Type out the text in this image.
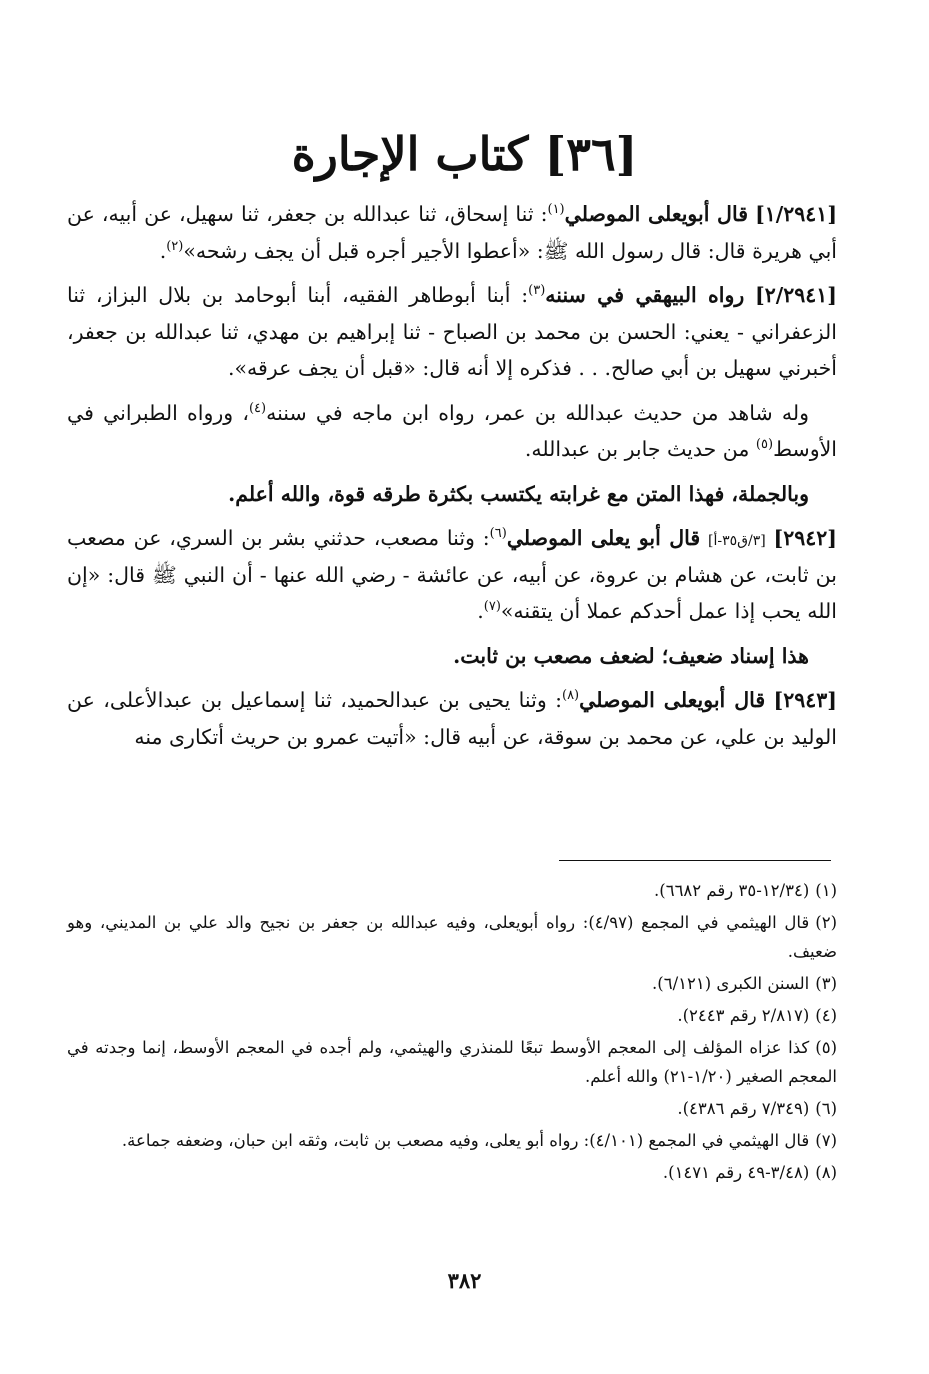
[٣٦] كتاب الإجارة

[١/٢٩٤١] قال أبويعلى الموصلي$^{(١)}$: ثنا إسحاق، ثنا عبدالله بن جعفر، ثنا سهيل، عن أبيه، عن أبي هريرة قال: قال رسول الله ﷺ: «أعطوا الأجير أجره قبل أن يجف رشحه»$^{(٢)}$.

[٢/٢٩٤١] رواه البيهقي في سننه$^{(٣)}$: أبنا أبوطاهر الفقيه، أبنا أبوحامد بن بلال البزاز، ثنا الزعفراني - يعني: الحسن بن محمد بن الصباح - ثنا إبراهيم بن مهدي، ثنا عبدالله بن جعفر، أخبرني سهيل بن أبي صالح. . . فذكره إلا أنه قال: «قبل أن يجف عرقه».

وله شاهد من حديث عبدالله بن عمر، رواه ابن ماجه في سننه$^{(٤)}$، ورواه الطبراني في الأوسط$^{(٥)}$ من حديث جابر بن عبدالله.

وبالجملة، فهذا المتن مع غرابته يكتسب بكثرة طرقه قوة، والله أعلم.

[٢٩٤٢] [٣/ق٣٥-أ] قال أبو يعلى الموصلي$^{(٦)}$: وثنا مصعب، حدثني بشر بن السري، عن مصعب بن ثابت، عن هشام بن عروة، عن أبيه، عن عائشة - رضي الله عنها - أن النبي ﷺ قال: «إن الله يحب إذا عمل أحدكم عملا أن يتقنه»$^{(٧)}$.

هذا إسناد ضعيف؛ لضعف مصعب بن ثابت.

[٢٩٤٣] قال أبويعلى الموصلي$^{(٨)}$: وثنا يحيى بن عبدالحميد، ثنا إسماعيل بن عبدالأعلى، عن الوليد بن علي، عن محمد بن سوقة، عن أبيه قال: «أتيت عمرو بن حريث أتكارى منه

(١)(١٢/٣٤-٣٥ رقم ٦٦٨٢).
(٢)قال الهيثمي في المجمع (٤/٩٧): رواه أبويعلى، وفيه عبدالله بن جعفر بن نجيح والد علي بن المديني، وهو ضعيف.
(٣)السنن الكبرى (٦/١٢١).
(٤)(٢/٨١٧ رقم ٢٤٤٣).
(٥)كذا عزاه المؤلف إلى المعجم الأوسط تبعًا للمنذري والهيثمي، ولم أجده في المعجم الأوسط، إنما وجدته في المعجم الصغير (١/٢٠-٢١) والله أعلم.
(٦)(٧/٣٤٩ رقم ٤٣٨٦).
(٧)قال الهيثمي في المجمع (٤/١٠١): رواه أبو يعلى، وفيه مصعب بن ثابت، وثقه ابن حبان، وضعفه جماعة.
(٨)(٣/٤٨-٤٩ رقم ١٤٧١).
٣٨٢
